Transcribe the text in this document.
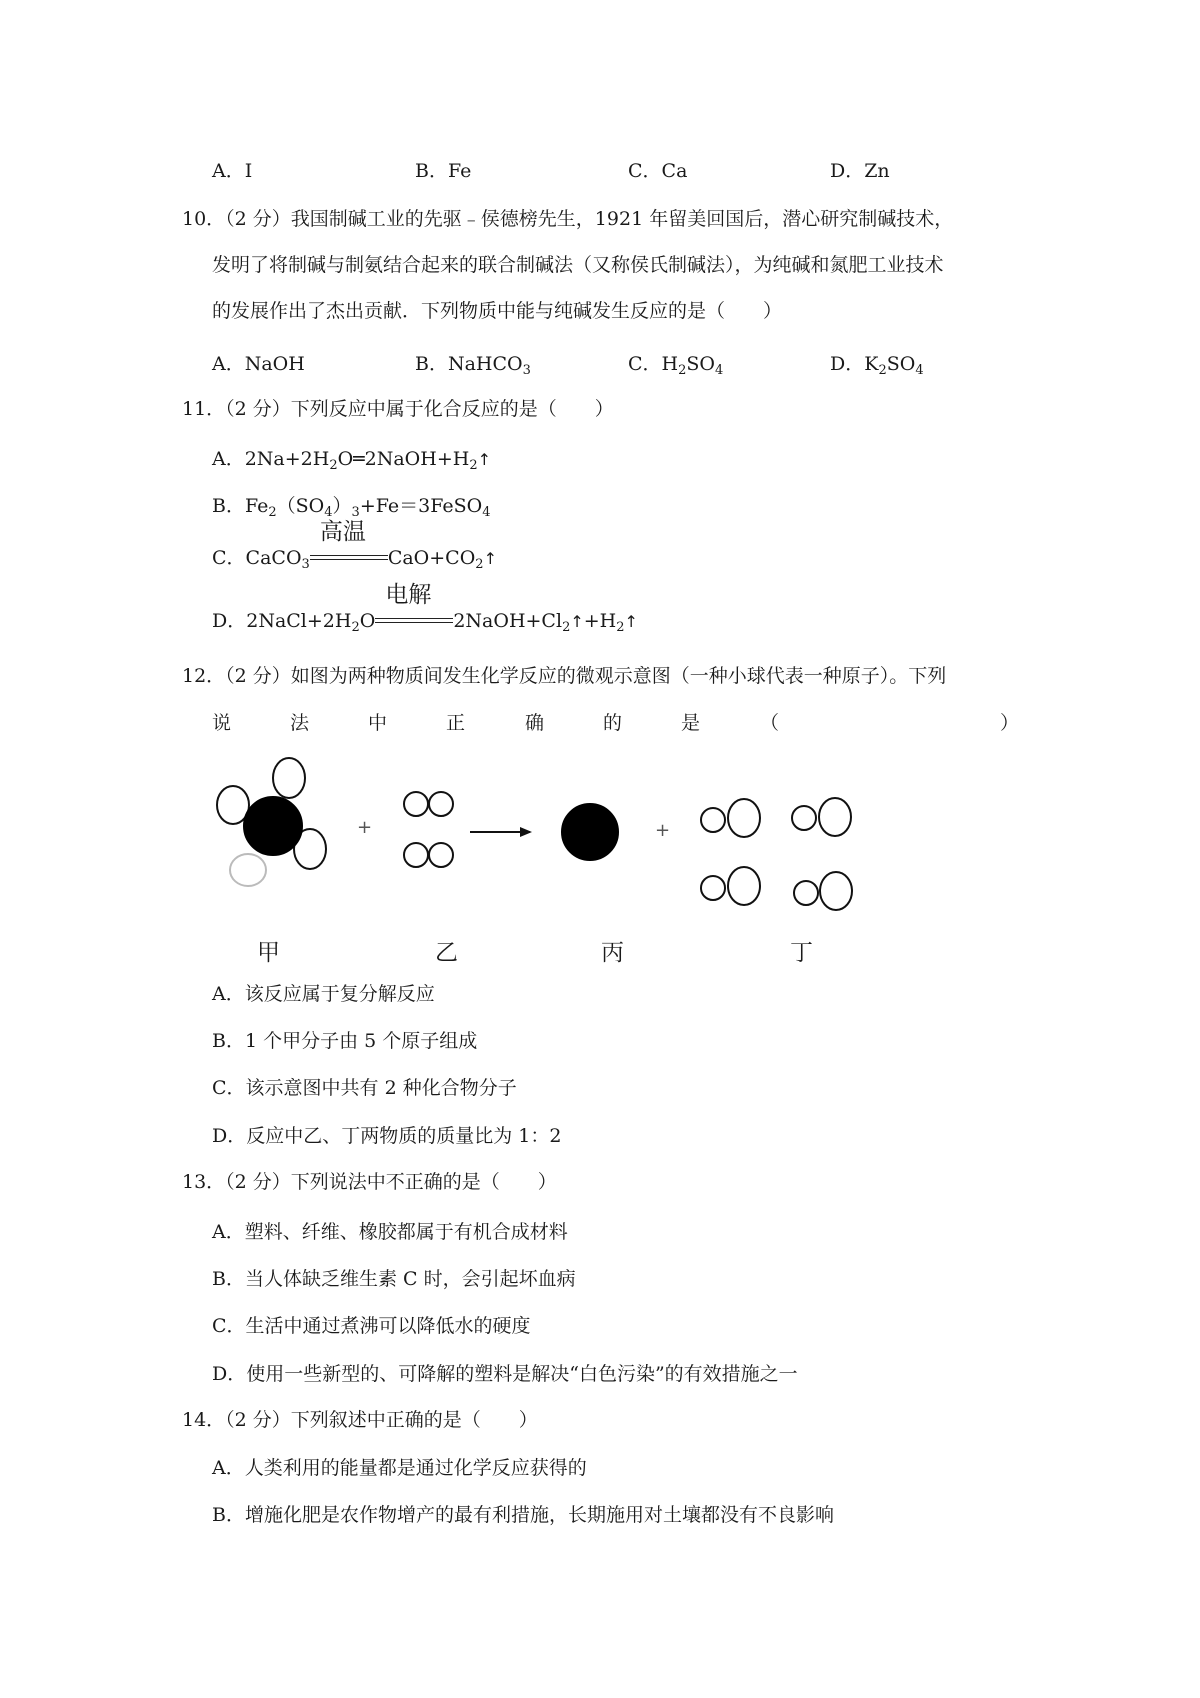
A．I	B．Fe	C．Ca	D．Zn
10．（2 分）我国制碱工业的先驱﹣侯德榜先生，1921 年留美回国后，潜心研究制碱技术，
发明了将制碱与制氨结合起来的联合制碱法（又称侯氏制碱法），为纯碱和氮肥工业技术
的发展作出了杰出贡献．下列物质中能与纯碱发生反应的是（　　）
A．NaOH	B．NaHCO$_3$	C．$H_2SO_4$	D．$K_2SO_4$
11．（2 分）下列反应中属于化合反应的是（　　）
A．$2Na+2H_2O═2NaOH+H_2↑$
B．$Fe_2(SO_4)_3+Fe=3FeSO_4$
C．CaCO$_3$
高温
$CaO+CO_2↑$
D．$2NaCl+2H_2O$
电解
$2NaOH+Cl_2↑+H_2↑$
12．（2 分）如图为两种物质间发生化学反应的微观示意图（一种小球代表一种原子）。下列
说	法	中	正	确	的	是	（	）
+	+
甲	乙	丙	丁
A．该反应属于复分解反应
B．1 个甲分子由 5 个原子组成
C．该示意图中共有 2 种化合物分子
D．反应中乙、丁两物质的质量比为 1：2
13．（2 分）下列说法中不正确的是（　　）
A．塑料、纤维、橡胶都属于有机合成材料
B．当人体缺乏维生素 C 时，会引起坏血病
C．生活中通过煮沸可以降低水的硬度
D．使用一些新型的、可降解的塑料是解决“白色污染”的有效措施之一
14．（2 分）下列叙述中正确的是（　　）
A．人类利用的能量都是通过化学反应获得的
B．增施化肥是农作物增产的最有利措施，长期施用对土壤都没有不良影响
